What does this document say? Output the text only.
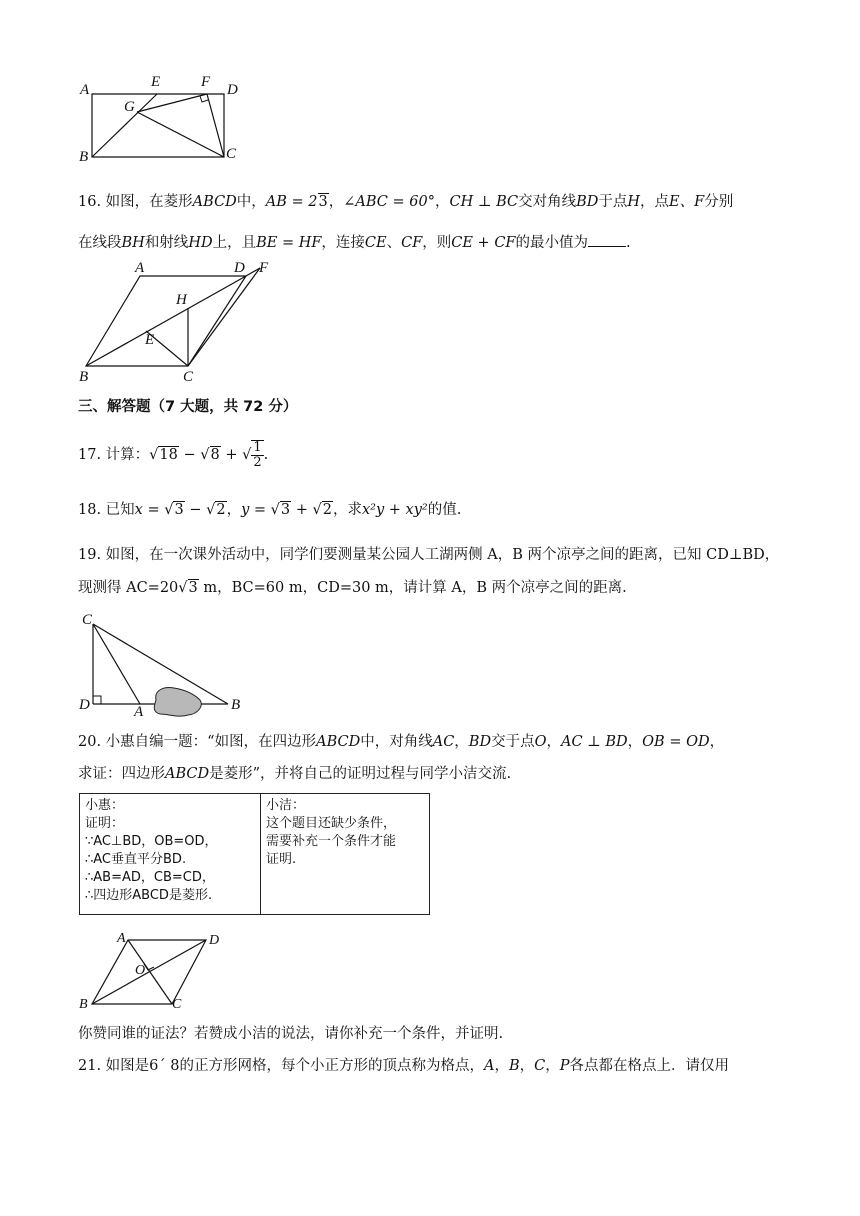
A	E	F D
G
B	C
16. 如图，在菱形ABCD中，AB = 23，∠ABC = 60°，CH ⊥ BC交对角线BD于点H，点E、F分别
在线段BH和射线HD上，且BE = HF，连接CE、CF，则CE + CF的最小值为	.
A	D F
H
E
B	C
三、解答题（7 大题，共 72 分）
17. 计算：√18 − √8 + √ $\frac{1}{2}$ .
18. 已知x = √3 − √2，y = √3 + √2，求x²y + xy²的值.
19. 如图，在一次课外活动中，同学们要测量某公园人工湖两侧 A，B 两个凉亭之间的距离，已知 CD⊥BD，
现测得 AC=20√3 m，BC=60 m，CD=30 m，请计算 A，B 两个凉亭之间的距离.
C
D	A	B
20. 小惠自编一题：“如图，在四边形ABCD中，对角线AC，BD交于点O，AC ⊥ BD，OB = OD，
求证：四边形ABCD是菱形”，并将自己的证明过程与同学小洁交流.
小惠：
证明：
∵AC⊥BD，OB=OD，
∴AC垂直平分BD.
∴AB=AD，CB=CD，
∴四边形ABCD是菱形.

小洁：
这个题目还缺少条件，
需要补充一个条件才能
证明.
A	D
O
B	C
你赞同谁的证法？若赞成小洁的说法，请你补充一个条件，并证明.
21. 如图是6´ 8的正方形网格，每个小正方形的顶点称为格点，A，B，C，P各点都在格点上．请仅用
